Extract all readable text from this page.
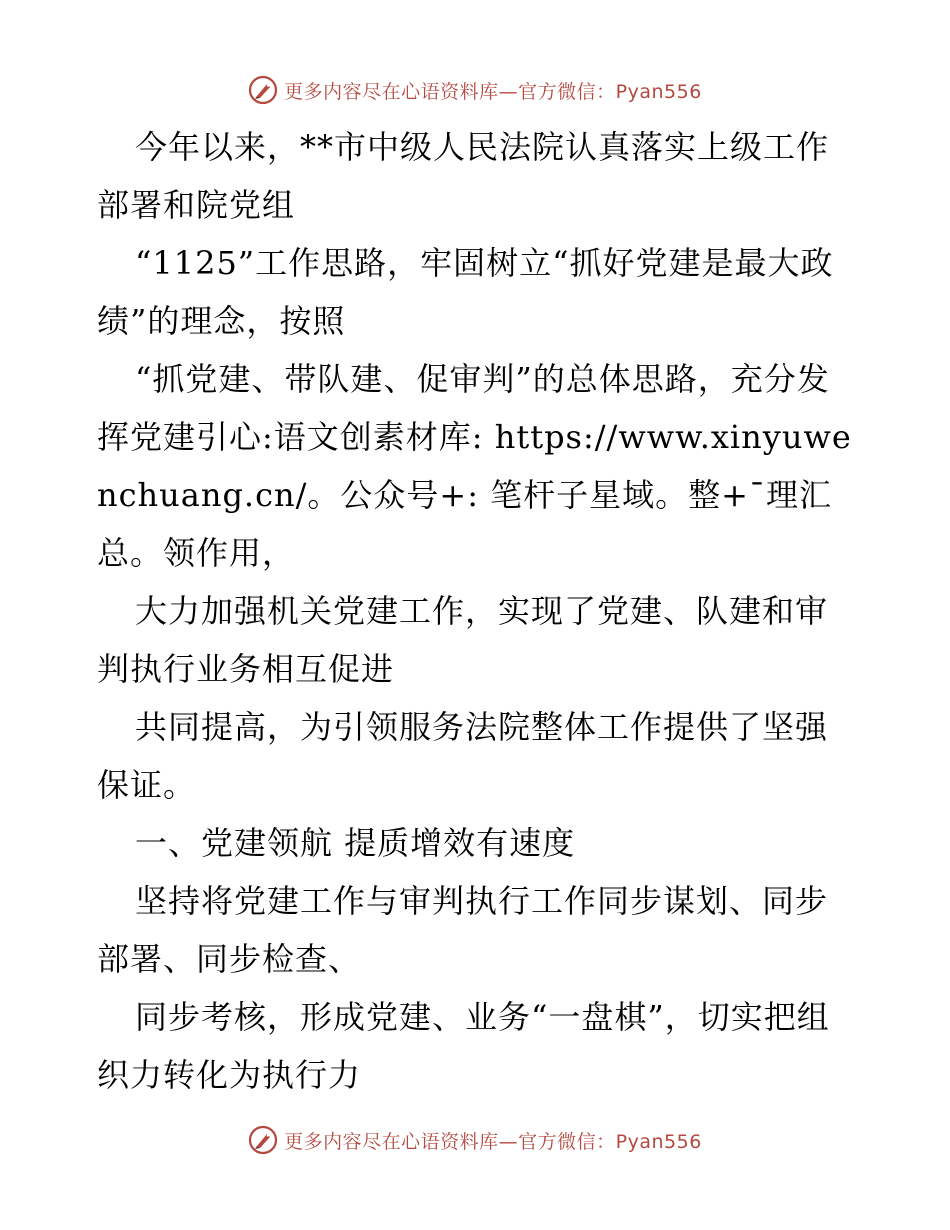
更多内容尽在心语资料库—官方微信：Pyan556

今年以来，**市中级人民法院认真落实上级工作部署和院党组

“1125”工作思路，牢固树立“抓好党建是最大政绩”的理念，按照

“抓党建、带队建、促审判”的总体思路，充分发挥党建引心:语文创素材库: https://www.xinyuwenchuang.cn/。公众号+: 笔杆子星域。整+¯理汇总。领作用，

大力加强机关党建工作，实现了党建、队建和审判执行业务相互促进

共同提高，为引领服务法院整体工作提供了坚强保证。

一、党建领航 提质增效有速度

坚持将党建工作与审判执行工作同步谋划、同步部署、同步检查、

同步考核，形成党建、业务“一盘棋”，切实把组织力转化为执行力

更多内容尽在心语资料库—官方微信：Pyan556
